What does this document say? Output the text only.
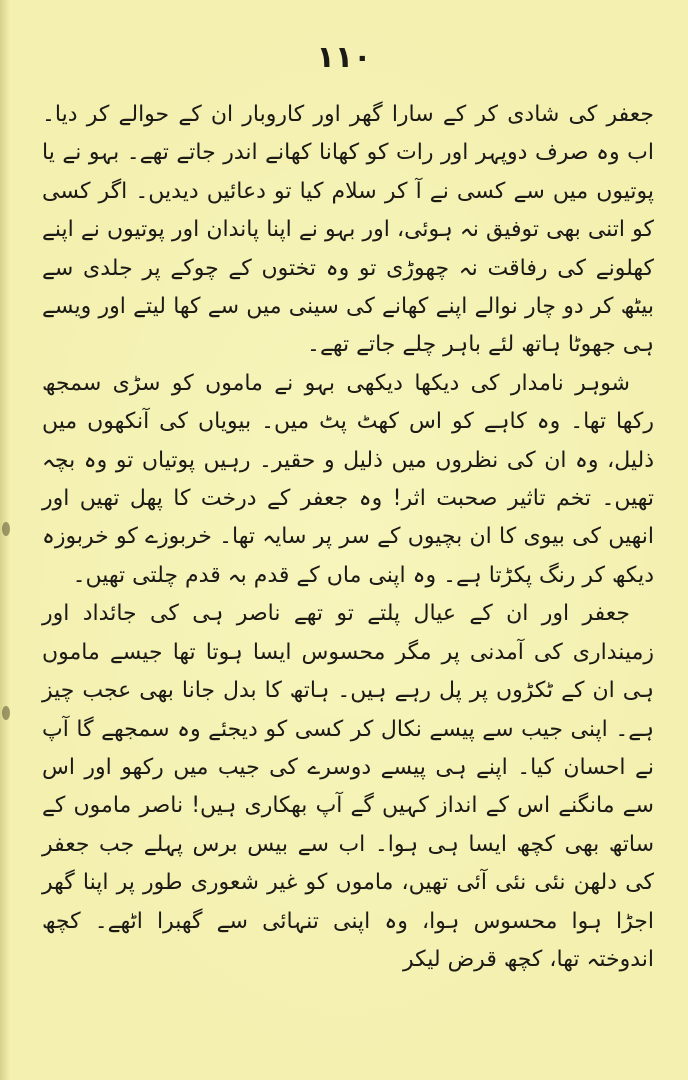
۱۱۰

جعفر کی شادی کر کے سارا گھر اور کاروبار ان کے حوالے کر دیا۔ اب وہ صرف دوپہر اور رات کو کھانا کھانے اندر جاتے تھے۔ بہو نے یا پوتیوں میں سے کسی نے آ کر سلام کیا تو دعائیں دیدیں۔ اگر کسی کو اتنی بھی توفیق نہ ہوئی، اور بہو نے اپنا پاندان اور پوتیوں نے اپنے کھلونے کی رفاقت نہ چھوڑی تو وہ تختوں کے چوکے پر جلدی سے بیٹھ کر دو چار نوالے اپنے کھانے کی سینی میں سے کھا لیتے اور ویسے ہی جھوٹا ہاتھ لئے باہر چلے جاتے تھے۔

شوہر نامدار کی دیکھا دیکھی بہو نے ماموں کو سڑی سمجھ رکھا تھا۔ وہ کاہے کو اس کھٹ پٹ میں۔ بیویاں کی آنکھوں میں ذلیل، وہ ان کی نظروں میں ذلیل و حقیر۔ رہیں پوتیاں تو وہ بچہ تھیں۔ تخم تاثیر صحبت اثر! وہ جعفر کے درخت کا پھل تھیں اور انھیں کی بیوی کا ان بچیوں کے سر پر سایہ تھا۔ خربوزے کو خربوزہ دیکھ کر رنگ پکڑتا ہے۔ وہ اپنی ماں کے قدم بہ قدم چلتی تھیں۔

جعفر اور ان کے عیال پلتے تو تھے ناصر ہی کی جائداد اور زمینداری کی آمدنی پر مگر محسوس ایسا ہوتا تھا جیسے ماموں ہی ان کے ٹکڑوں پر پل رہے ہیں۔ ہاتھ کا بدل جانا بھی عجب چیز ہے۔ اپنی جیب سے پیسے نکال کر کسی کو دیجئے وہ سمجھے گا آپ نے احسان کیا۔ اپنے ہی پیسے دوسرے کی جیب میں رکھو اور اس سے مانگنے اس کے انداز کہیں گے آپ بھکاری ہیں! ناصر ماموں کے ساتھ بھی کچھ ایسا ہی ہوا۔ اب سے بیس برس پہلے جب جعفر کی دلھن نئی نئی آئی تھیں، ماموں کو غیر شعوری طور پر اپنا گھر اجڑا ہوا محسوس ہوا، وہ اپنی تنہائی سے گھبرا اٹھے۔ کچھ اندوختہ تھا، کچھ قرض لیکر
